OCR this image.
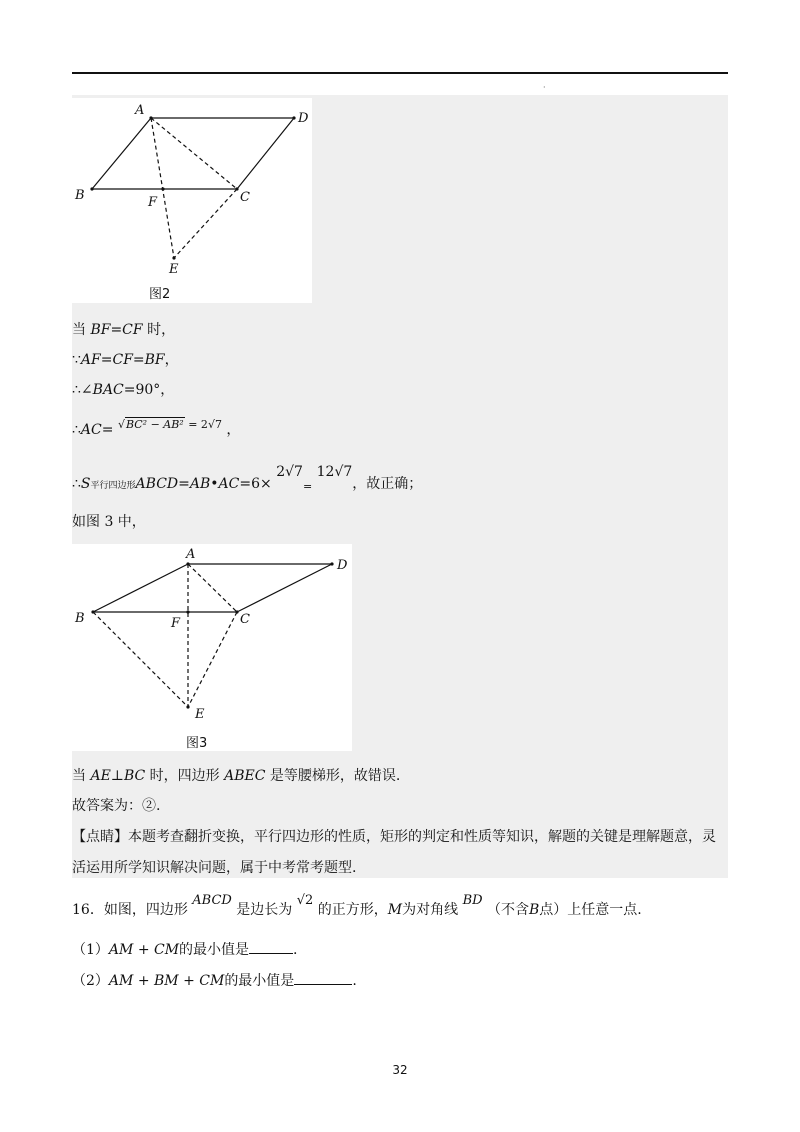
·
A
D
B	F	C
E
图2
当 BF=CF 时，
∵AF=CF=BF，
∴∠BAC=90°，
∴AC= $^{√BC^2 - AB^2 = 2√7}$ ，
∴S平行四边形ABCD=AB•AC=6× 2√7= 12√7，故正确；
如图 3 中，
A
D
B	F	C
E
图3
当 AE⊥BC 时，四边形 ABEC 是等腰梯形，故错误.
故答案为：②.
【点睛】本题考查翻折变换，平行四边形的性质，矩形的判定和性质等知识，解题的关键是理解题意，灵
活运用所学知识解决问题，属于中考常考题型.
16．如图，四边形 ABCD 是边长为 √2 的正方形，M为对角线 BD （不含B点）上任意一点.
（1）AM + CM的最小值是	.
（2）AM + BM + CM的最小值是	.
32
